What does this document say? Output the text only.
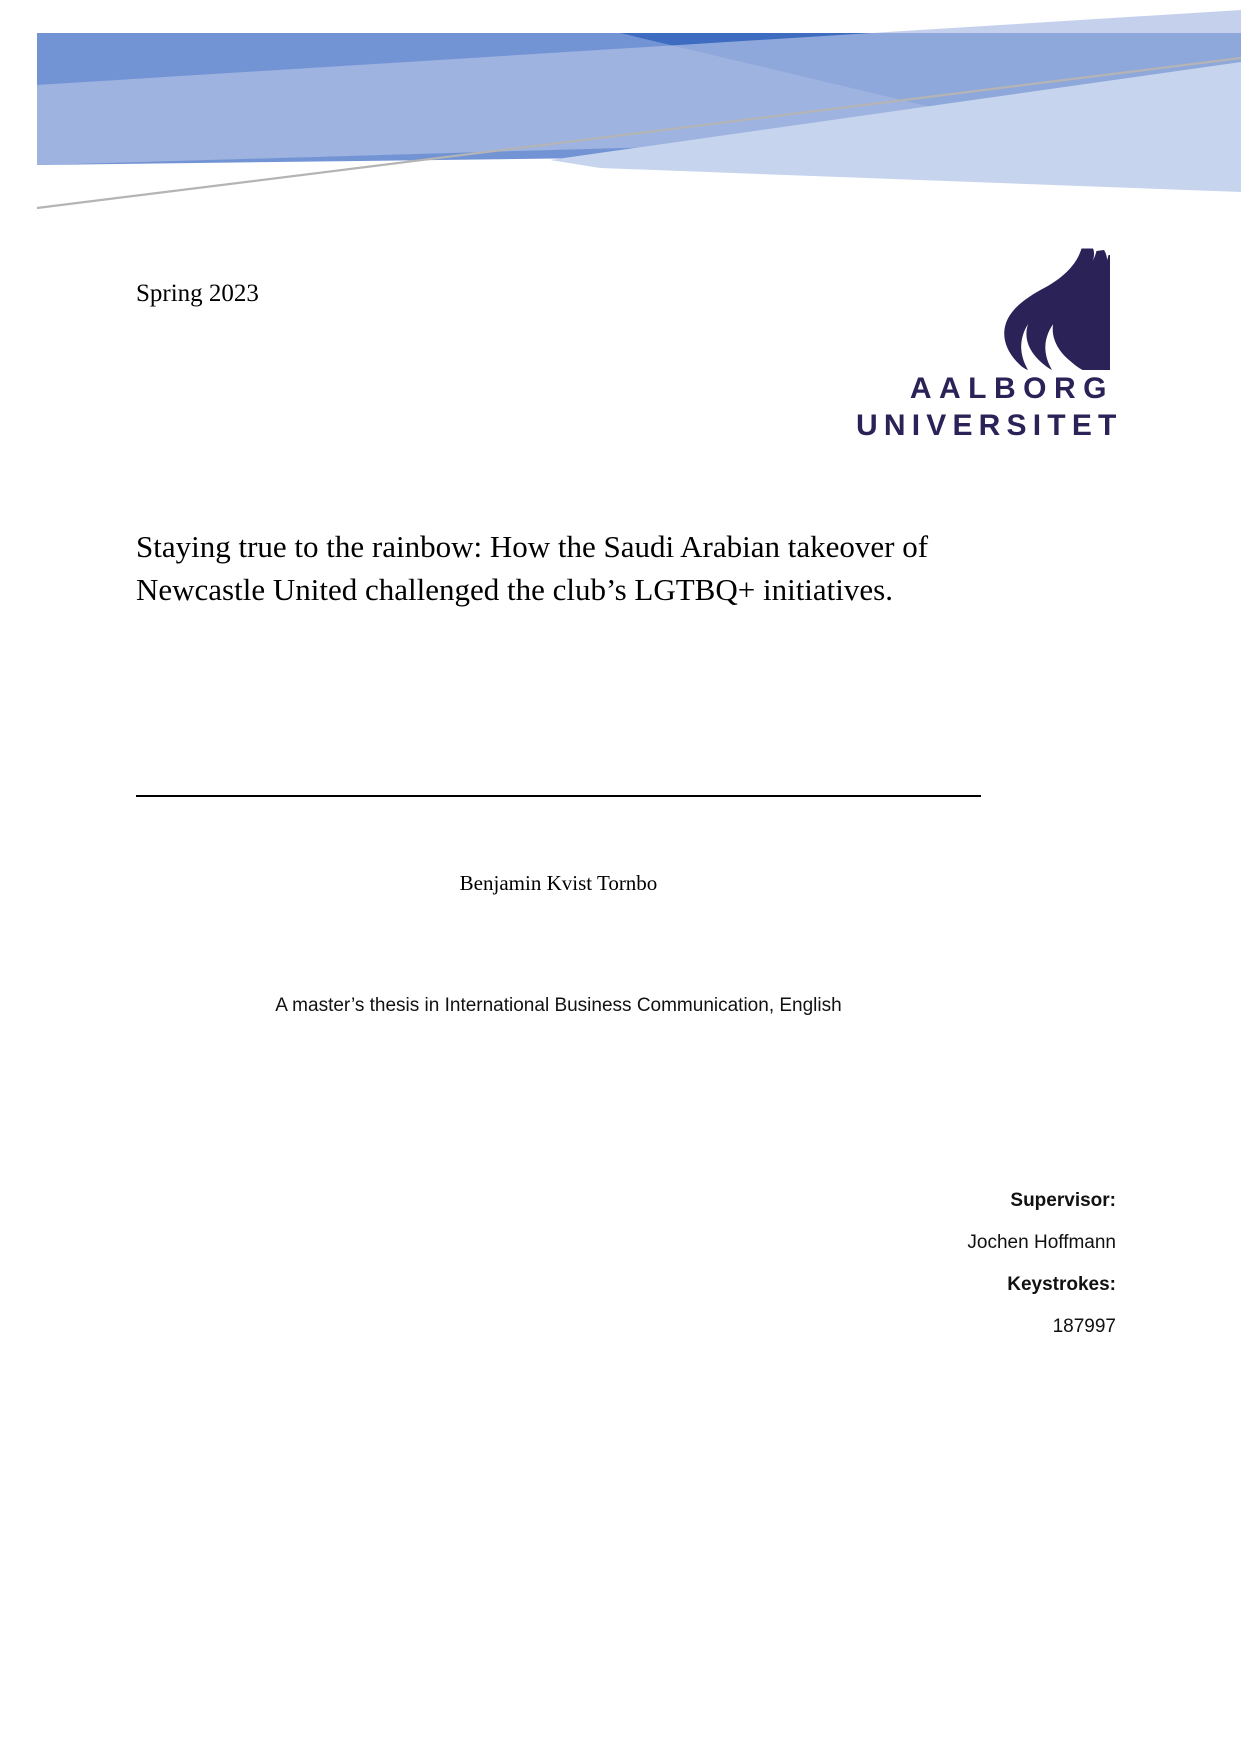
Spring 2023
AALBORG
UNIVERSITET
Staying true to the rainbow: How the Saudi Arabian takeover of Newcastle United challenged the club’s LGTBQ+ initiatives.
Benjamin Kvist Tornbo
A master’s thesis in International Business Communication, English
Supervisor:
Jochen Hoffmann
Keystrokes:
187997
